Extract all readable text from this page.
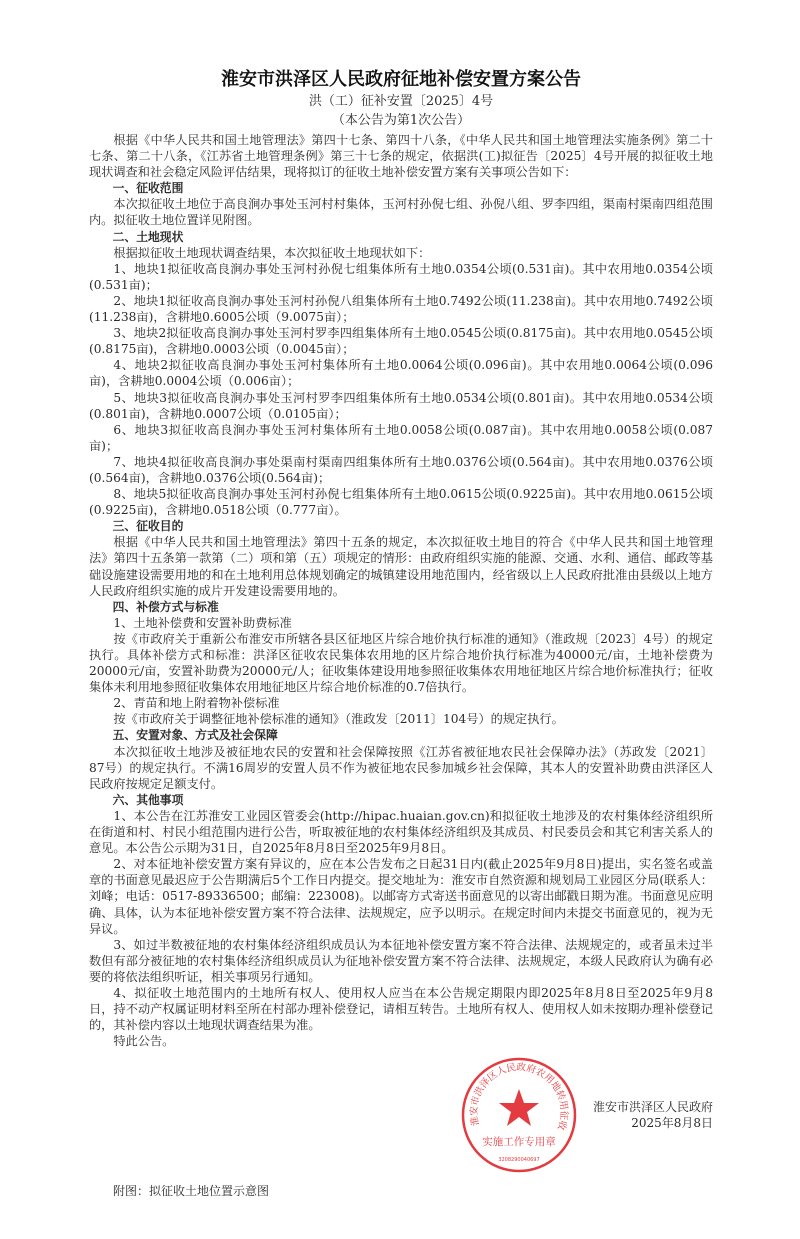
淮安市洪泽区人民政府征地补偿安置方案公告
洪（工）征补安置〔2025〕4号
（本公告为第1次公告）

根据《中华人民共和国土地管理法》第四十七条、第四十八条，《中华人民共和国土地管理法实施条例》第二十七条、第二十八条，《江苏省土地管理条例》第三十七条的规定，依据洪(工)拟征告〔2025〕4号开展的拟征收土地现状调查和社会稳定风险评估结果，现将拟订的征收土地补偿安置方案有关事项公告如下：

一、征收范围

本次拟征收土地位于高良涧办事处玉河村村集体，玉河村孙倪七组、孙倪八组、罗李四组，渠南村渠南四组范围内。拟征收土地位置详见附图。

二、土地现状

根据拟征收土地现状调查结果，本次拟征收土地现状如下：

1、地块1拟征收高良涧办事处玉河村孙倪七组集体所有土地0.0354公顷(0.531亩)。其中农用地0.0354公顷(0.531亩)；

2、地块1拟征收高良涧办事处玉河村孙倪八组集体所有土地0.7492公顷(11.238亩)。其中农用地0.7492公顷(11.238亩)，含耕地0.6005公顷（9.0075亩）；

3、地块2拟征收高良涧办事处玉河村罗李四组集体所有土地0.0545公顷(0.8175亩)。其中农用地0.0545公顷(0.8175亩)，含耕地0.0003公顷（0.0045亩）；

4、地块2拟征收高良涧办事处玉河村集体所有土地0.0064公顷(0.096亩)。其中农用地0.0064公顷(0.096亩)，含耕地0.0004公顷（0.006亩）；

5、地块3拟征收高良涧办事处玉河村罗李四组集体所有土地0.0534公顷(0.801亩)。其中农用地0.0534公顷(0.801亩)，含耕地0.0007公顷（0.0105亩）；

6、地块3拟征收高良涧办事处玉河村集体所有土地0.0058公顷(0.087亩)。其中农用地0.0058公顷(0.087亩)；

7、地块4拟征收高良涧办事处渠南村渠南四组集体所有土地0.0376公顷(0.564亩)。其中农用地0.0376公顷(0.564亩)，含耕地0.0376公顷(0.564亩)；

8、地块5拟征收高良涧办事处玉河村孙倪七组集体所有土地0.0615公顷(0.9225亩)。其中农用地0.0615公顷(0.9225亩)，含耕地0.0518公顷（0.777亩）。

三、征收目的

根据《中华人民共和国土地管理法》第四十五条的规定，本次拟征收土地目的符合《中华人民共和国土地管理法》第四十五条第一款第（二）项和第（五）项规定的情形：由政府组织实施的能源、交通、水利、通信、邮政等基础设施建设需要用地的和在土地利用总体规划确定的城镇建设用地范围内，经省级以上人民政府批准由县级以上地方人民政府组织实施的成片开发建设需要用地的。

四、补偿方式与标准

1、土地补偿费和安置补助费标准

按《市政府关于重新公布淮安市所辖各县区征地区片综合地价执行标准的通知》（淮政规〔2023〕4号）的规定执行。具体补偿方式和标准：洪泽区征收农民集体农用地的区片综合地价执行标准为40000元/亩，土地补偿费为20000元/亩，安置补助费为20000元/人；征收集体建设用地参照征收集体农用地征地区片综合地价标准执行；征收集体未利用地参照征收集体农用地征地区片综合地价标准的0.7倍执行。

2、青苗和地上附着物补偿标准

按《市政府关于调整征地补偿标准的通知》（淮政发〔2011〕104号）的规定执行。

五、安置对象、方式及社会保障

本次拟征收土地涉及被征地农民的安置和社会保障按照《江苏省被征地农民社会保障办法》（苏政发〔2021〕87号）的规定执行。不满16周岁的安置人员不作为被征地农民参加城乡社会保障，其本人的安置补助费由洪泽区人民政府按规定足额支付。

六、其他事项

1、本公告在江苏淮安工业园区管委会(http://hipac.huaian.gov.cn)和拟征收土地涉及的农村集体经济组织所在街道和村、村民小组范围内进行公告，听取被征地的农村集体经济组织及其成员、村民委员会和其它利害关系人的意见。本公告公示期为31日，自2025年8月8日至2025年9月8日。

2、对本征地补偿安置方案有异议的，应在本公告发布之日起31日内(截止2025年9月8日)提出，实名签名或盖章的书面意见最迟应于公告期满后5个工作日内提交。提交地址为：淮安市自然资源和规划局工业园区分局(联系人：刘峰；电话：0517-89336500；邮编：223008)。以邮寄方式寄送书面意见的以寄出邮戳日期为准。书面意见应明确、具体，认为本征地补偿安置方案不符合法律、法规规定，应予以明示。在规定时间内未提交书面意见的，视为无异议。

3、如过半数被征地的农村集体经济组织成员认为本征地补偿安置方案不符合法律、法规规定的，或者虽未过半数但有部分被征地的农村集体经济组织成员认为征地补偿安置方案不符合法律、法规规定，本级人民政府认为确有必要的将依法组织听证，相关事项另行通知。

4、拟征收土地范围内的土地所有权人、使用权人应当在本公告规定期限内即2025年8月8日至2025年9月8日，持不动产权属证明材料至所在村部办理补偿登记，请相互转告。土地所有权人、使用权人如未按期办理补偿登记的，其补偿内容以土地现状调查结果为准。

特此公告。

淮安市洪泽区人民政府农用地转用征收
实施工作专用章
3208290040697
淮安市洪泽区人民政府
2025年8月8日
附图：拟征收土地位置示意图
